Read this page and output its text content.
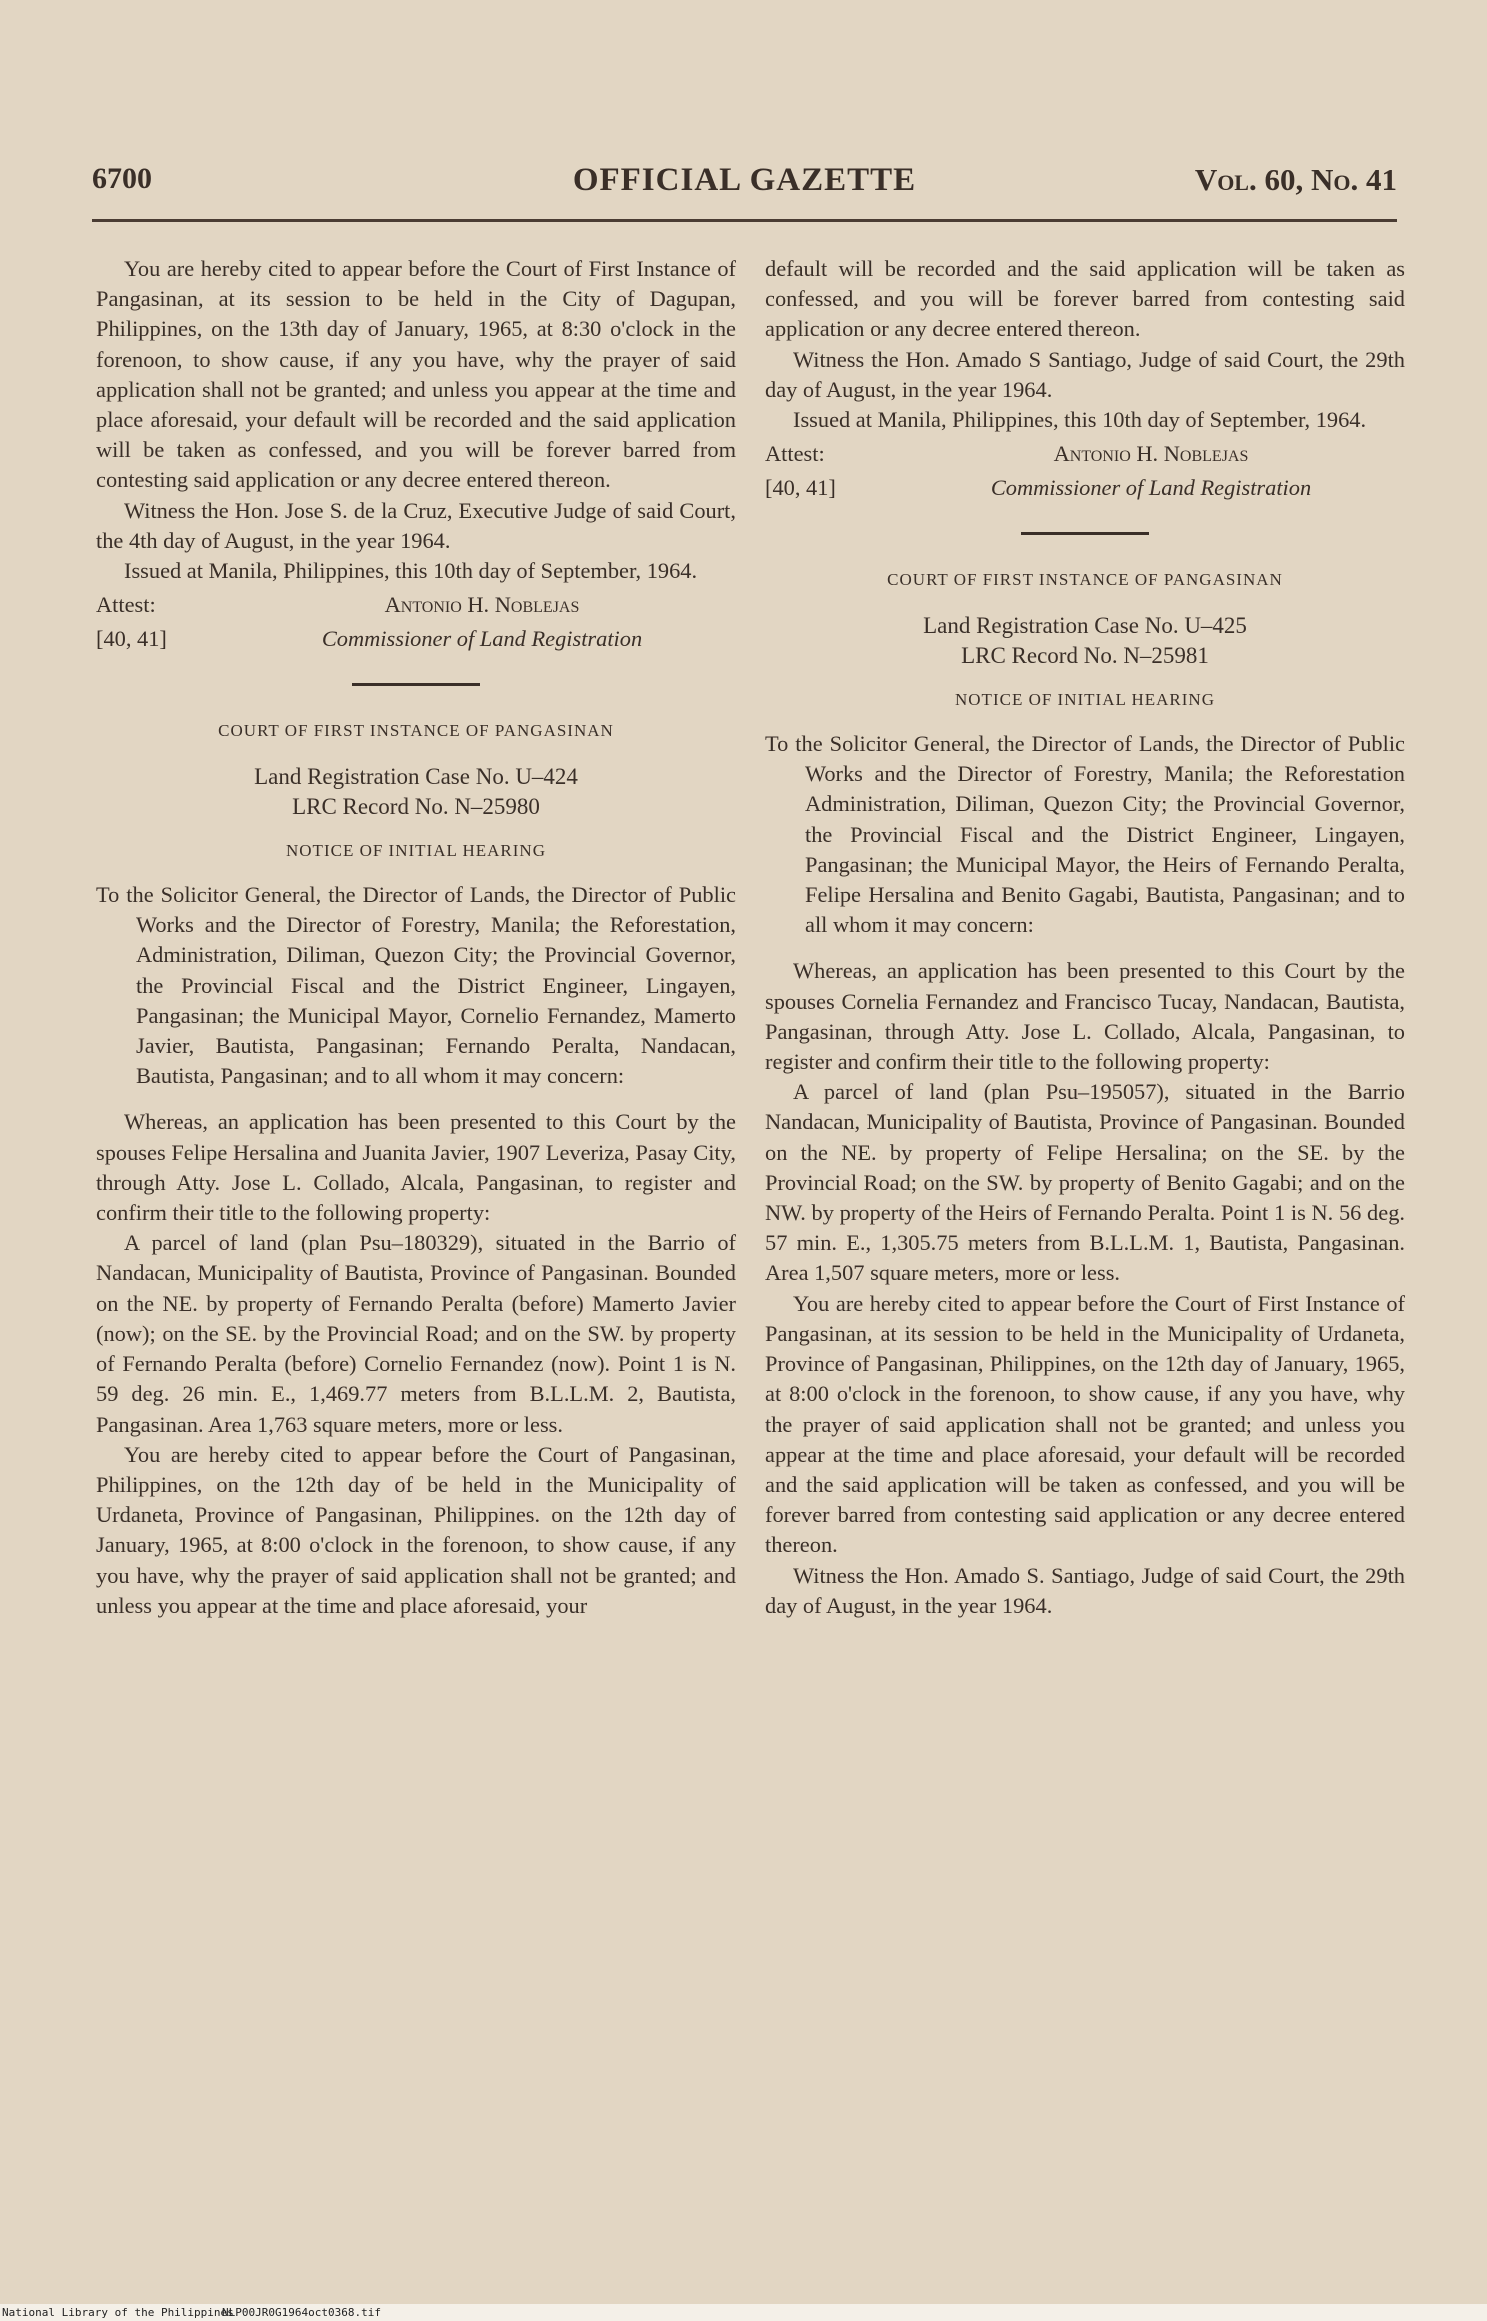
6700	OFFICIAL GAZETTE	Vol. 60, No. 41

You are hereby cited to appear before the Court of First Instance of Pangasinan, at its session to be held in the City of Dagupan, Philippines, on the 13th day of January, 1965, at 8:30 o'clock in the forenoon, to show cause, if any you have, why the prayer of said application shall not be granted; and unless you appear at the time and place aforesaid, your default will be recorded and the said application will be taken as confessed, and you will be forever barred from contesting said application or any decree entered thereon.

Witness the Hon. Jose S. de la Cruz, Executive Judge of said Court, the 4th day of August, in the year 1964.

Issued at Manila, Philippines, this 10th day of September, 1964.

Attest:	Antonio H. Noblejas
[40, 41]	Commissioner of Land Registration
COURT OF FIRST INSTANCE OF PANGASINAN
Land Registration Case No. U–424
LRC Record No. N–25980
NOTICE OF INITIAL HEARING

To the Solicitor General, the Director of Lands, the Director of Public Works and the Director of Forestry, Manila; the Reforestation, Administration, Diliman, Quezon City; the Provincial Governor, the Provincial Fiscal and the District Engineer, Lingayen, Pangasinan; the Municipal Mayor, Cornelio Fernandez, Mamerto Javier, Bautista, Pangasinan; Fernando Peralta, Nandacan, Bautista, Pangasinan; and to all whom it may concern:

Whereas, an application has been presented to this Court by the spouses Felipe Hersalina and Juanita Javier, 1907 Leveriza, Pasay City, through Atty. Jose L. Collado, Alcala, Pangasinan, to register and confirm their title to the following property:

A parcel of land (plan Psu–180329), situated in the Barrio of Nandacan, Municipality of Bautista, Province of Pangasinan. Bounded on the NE. by property of Fernando Peralta (before) Mamerto Javier (now); on the SE. by the Provincial Road; and on the SW. by property of Fernando Peralta (before) Cornelio Fernandez (now). Point 1 is N. 59 deg. 26 min. E., 1,469.77 meters from B.L.L.M. 2, Bautista, Pangasinan. Area 1,763 square meters, more or less.

You are hereby cited to appear before the Court of Pangasinan, Philippines, on the 12th day of be held in the Municipality of Urdaneta, Province of Pangasinan, Philippines. on the 12th day of January, 1965, at 8:00 o'clock in the forenoon, to show cause, if any you have, why the prayer of said application shall not be granted; and unless you appear at the time and place aforesaid, your

default will be recorded and the said application will be taken as confessed, and you will be forever barred from contesting said application or any decree entered thereon.

Witness the Hon. Amado S Santiago, Judge of said Court, the 29th day of August, in the year 1964.

Issued at Manila, Philippines, this 10th day of September, 1964.

Attest:	Antonio H. Noblejas
[40, 41]	Commissioner of Land Registration
COURT OF FIRST INSTANCE OF PANGASINAN
Land Registration Case No. U–425
LRC Record No. N–25981
NOTICE OF INITIAL HEARING

To the Solicitor General, the Director of Lands, the Director of Public Works and the Director of Forestry, Manila; the Reforestation Administration, Diliman, Quezon City; the Provincial Governor, the Provincial Fiscal and the District Engineer, Lingayen, Pangasinan; the Municipal Mayor, the Heirs of Fernando Peralta, Felipe Hersalina and Benito Gagabi, Bautista, Pangasinan; and to all whom it may concern:

Whereas, an application has been presented to this Court by the spouses Cornelia Fernandez and Francisco Tucay, Nandacan, Bautista, Pangasinan, through Atty. Jose L. Collado, Alcala, Pangasinan, to register and confirm their title to the following property:

A parcel of land (plan Psu–195057), situated in the Barrio Nandacan, Municipality of Bautista, Province of Pangasinan. Bounded on the NE. by property of Felipe Hersalina; on the SE. by the Provincial Road; on the SW. by property of Benito Gagabi; and on the NW. by property of the Heirs of Fernando Peralta. Point 1 is N. 56 deg. 57 min. E., 1,305.75 meters from B.L.L.M. 1, Bautista, Pangasinan. Area 1,507 square meters, more or less.

You are hereby cited to appear before the Court of First Instance of Pangasinan, at its session to be held in the Municipality of Urdaneta, Province of Pangasinan, Philippines, on the 12th day of January, 1965, at 8:00 o'clock in the forenoon, to show cause, if any you have, why the prayer of said application shall not be granted; and unless you appear at the time and place aforesaid, your default will be recorded and the said application will be taken as confessed, and you will be forever barred from contesting said application or any decree entered thereon.

Witness the Hon. Amado S. Santiago, Judge of said Court, the 29th day of August, in the year 1964.

National Library of the Philippines
NLP00JR0G1964oct0368.tif
